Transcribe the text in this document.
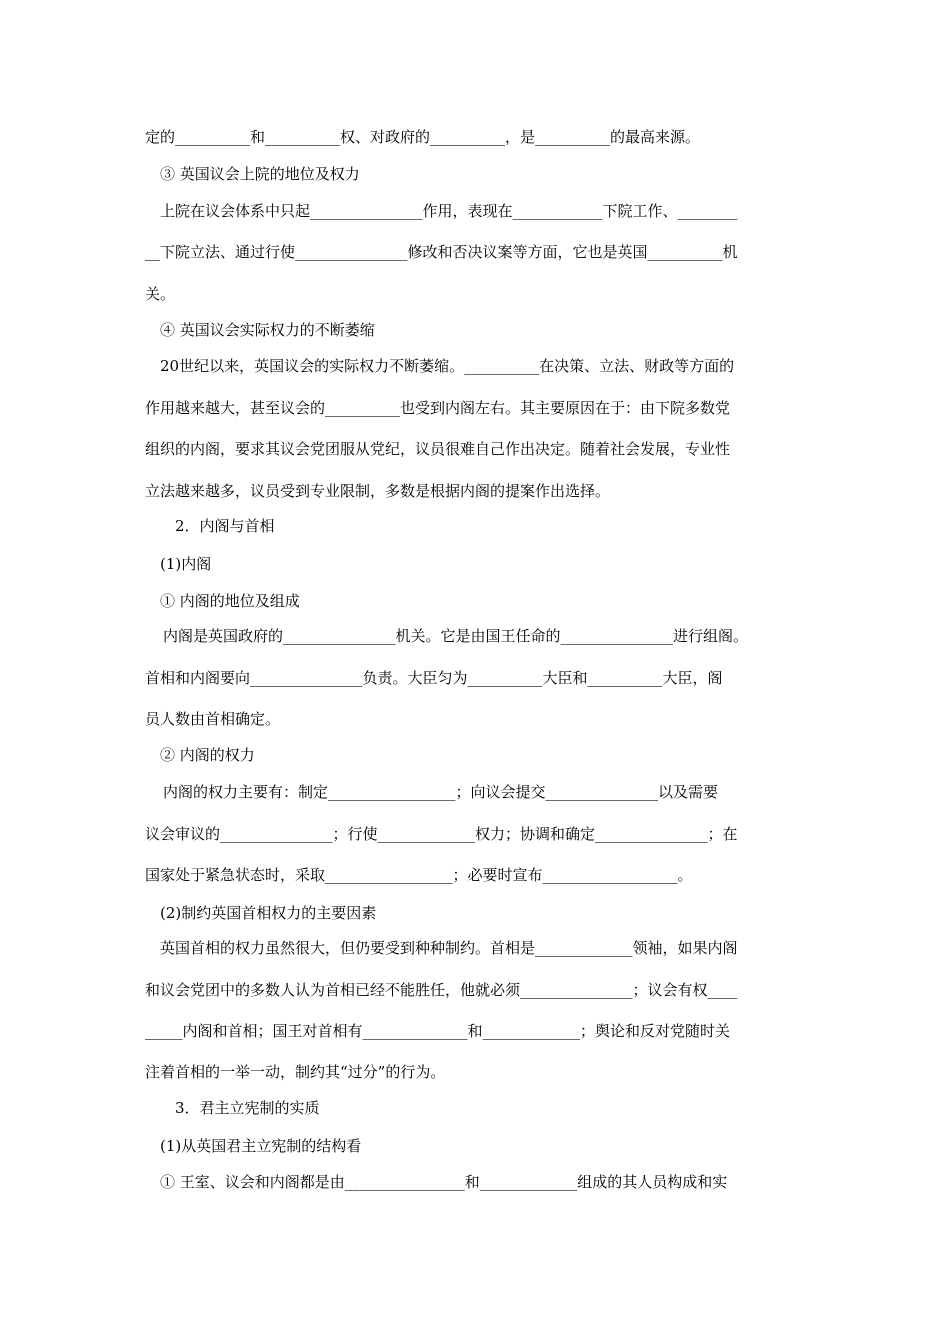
定的__________和__________权、对政府的__________，是__________的最高来源。
③ 英国议会上院的地位及权力
上院在议会体系中只起_______________作用，表现在____________下院工作、________
__下院立法、通过行使_______________修改和否决议案等方面，它也是英国__________机
关。
④ 英国议会实际权力的不断萎缩
20世纪以来，英国议会的实际权力不断萎缩。__________在决策、立法、财政等方面的
作用越来越大，甚至议会的__________也受到内阁左右。其主要原因在于：由下院多数党
组织的内阁，要求其议会党团服从党纪，议员很难自己作出决定。随着社会发展，专业性
立法越来越多，议员受到专业限制，多数是根据内阁的提案作出选择。
2．内阁与首相
(1)内阁
① 内阁的地位及组成
内阁是英国政府的_______________机关。它是由国王任命的_______________进行组阁。
首相和内阁要向_______________负责。大臣匀为__________大臣和__________大臣，阁
员人数由首相确定。
② 内阁的权力
内阁的权力主要有：制定_________________；向议会提交_______________以及需要
议会审议的_______________；行使_____________权力；协调和确定_______________；在
国家处于紧急状态时，采取_________________；必要时宣布__________________。
(2)制约英国首相权力的主要因素
英国首相的权力虽然很大，但仍要受到种种制约。首相是_____________领袖，如果内阁
和议会党团中的多数人认为首相已经不能胜任，他就必须_______________；议会有权____
_____内阁和首相；国王对首相有______________和_____________；舆论和反对党随时关
注着首相的一举一动，制约其“过分”的行为。
3．君主立宪制的实质
(1)从英国君主立宪制的结构看
① 王室、议会和内阁都是由________________和_____________组成的其人员构成和实
